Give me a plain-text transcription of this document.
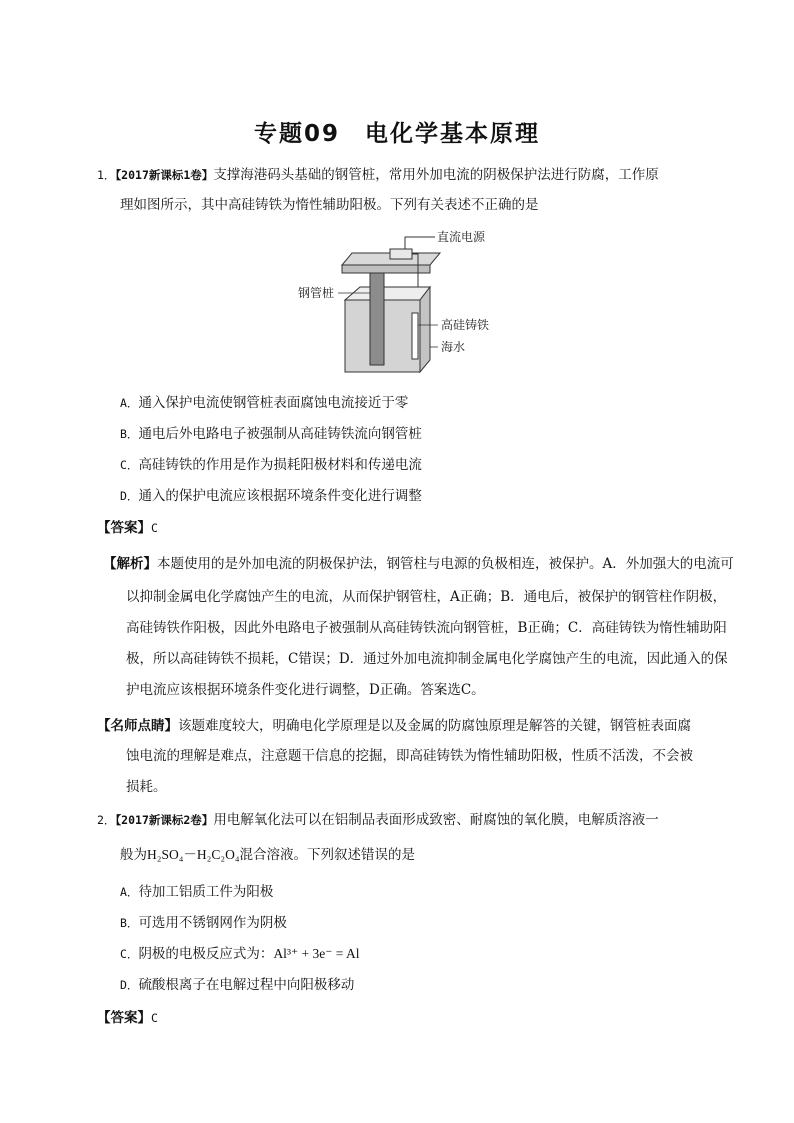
专题09　电化学基本原理
1．【2017新课标1卷】支撑海港码头基础的钢管桩，常用外加电流的阴极保护法进行防腐，工作原
理如图所示，其中高硅铸铁为惰性辅助阳极。下列有关表述不正确的是
直流电源
钢管桩
高硅铸铁
海水
A．通入保护电流使钢管桩表面腐蚀电流接近于零
B．通电后外电路电子被强制从高硅铸铁流向钢管桩
C．高硅铸铁的作用是作为损耗阳极材料和传递电流
D．通入的保护电流应该根据环境条件变化进行调整
【答案】C
【解析】本题使用的是外加电流的阴极保护法，钢管柱与电源的负极相连，被保护。A．外加强大的电流可
以抑制金属电化学腐蚀产生的电流，从而保护钢管柱，A正确；B．通电后，被保护的钢管柱作阴极，
高硅铸铁作阳极，因此外电路电子被强制从高硅铸铁流向钢管桩，B正确；C．高硅铸铁为惰性辅助阳
极，所以高硅铸铁不损耗，C错误；D．通过外加电流抑制金属电化学腐蚀产生的电流，因此通入的保
护电流应该根据环境条件变化进行调整，D正确。答案选C。
【名师点睛】该题难度较大，明确电化学原理是以及金属的防腐蚀原理是解答的关键，钢管桩表面腐
蚀电流的理解是难点，注意题干信息的挖掘，即高硅铸铁为惰性辅助阳极，性质不活泼，不会被
损耗。
2．【2017新课标2卷】用电解氧化法可以在铝制品表面形成致密、耐腐蚀的氧化膜，电解质溶液一
般为H₂SO₄－H₂C₂O₄混合溶液。下列叙述错误的是
A．待加工铝质工件为阳极
B．可选用不锈钢网作为阴极
C．阴极的电极反应式为：Al³⁺ + 3e⁻ = Al
D．硫酸根离子在电解过程中向阳极移动
【答案】C
